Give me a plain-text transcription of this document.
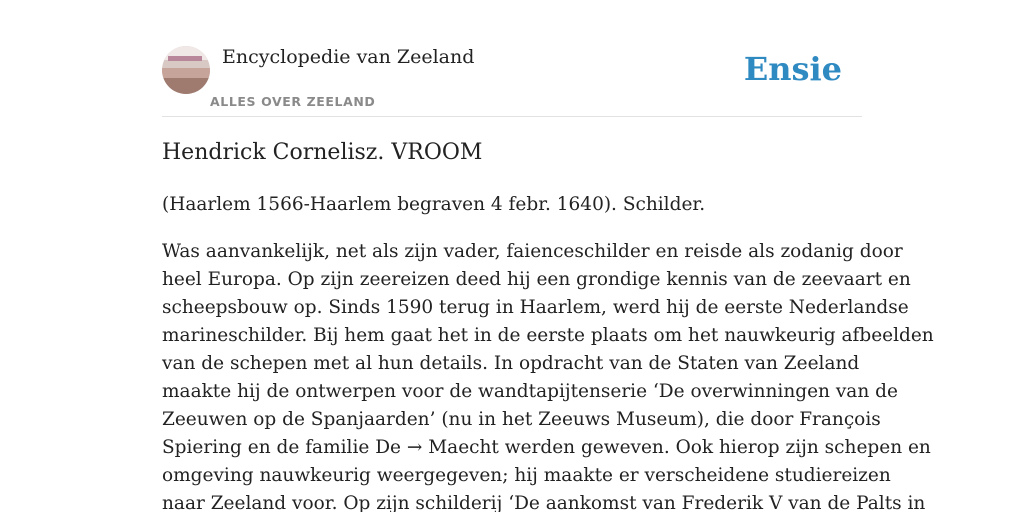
Encyclopedie van Zeeland
ALLES OVER ZEELAND
Ensie
Hendrick Cornelisz. VROOM

(Haarlem 1566-Haarlem begraven 4 febr. 1640). Schilder.

Was aanvankelijk, net als zijn vader, faienceschilder en reisde als zodanig door
heel Europa. Op zijn zeereizen deed hij een grondige kennis van de zeevaart en
scheepsbouw op. Sinds 1590 terug in Haarlem, werd hij de eerste Nederlandse
marineschilder. Bij hem gaat het in de eerste plaats om het nauwkeurig afbeelden
van de schepen met al hun details. In opdracht van de Staten van Zeeland
maakte hij de ontwerpen voor de wandtapijtenserie ‘De overwinningen van de
Zeeuwen op de Spanjaarden’ (nu in het Zeeuws Museum), die door François
Spiering en de familie De → Maecht werden geweven. Ook hierop zijn schepen en
omgeving nauwkeurig weergegeven; hij maakte er verscheidene studiereizen
naar Zeeland voor. Op zijn schilderij ‘De aankomst van Frederik V van de Palts in
